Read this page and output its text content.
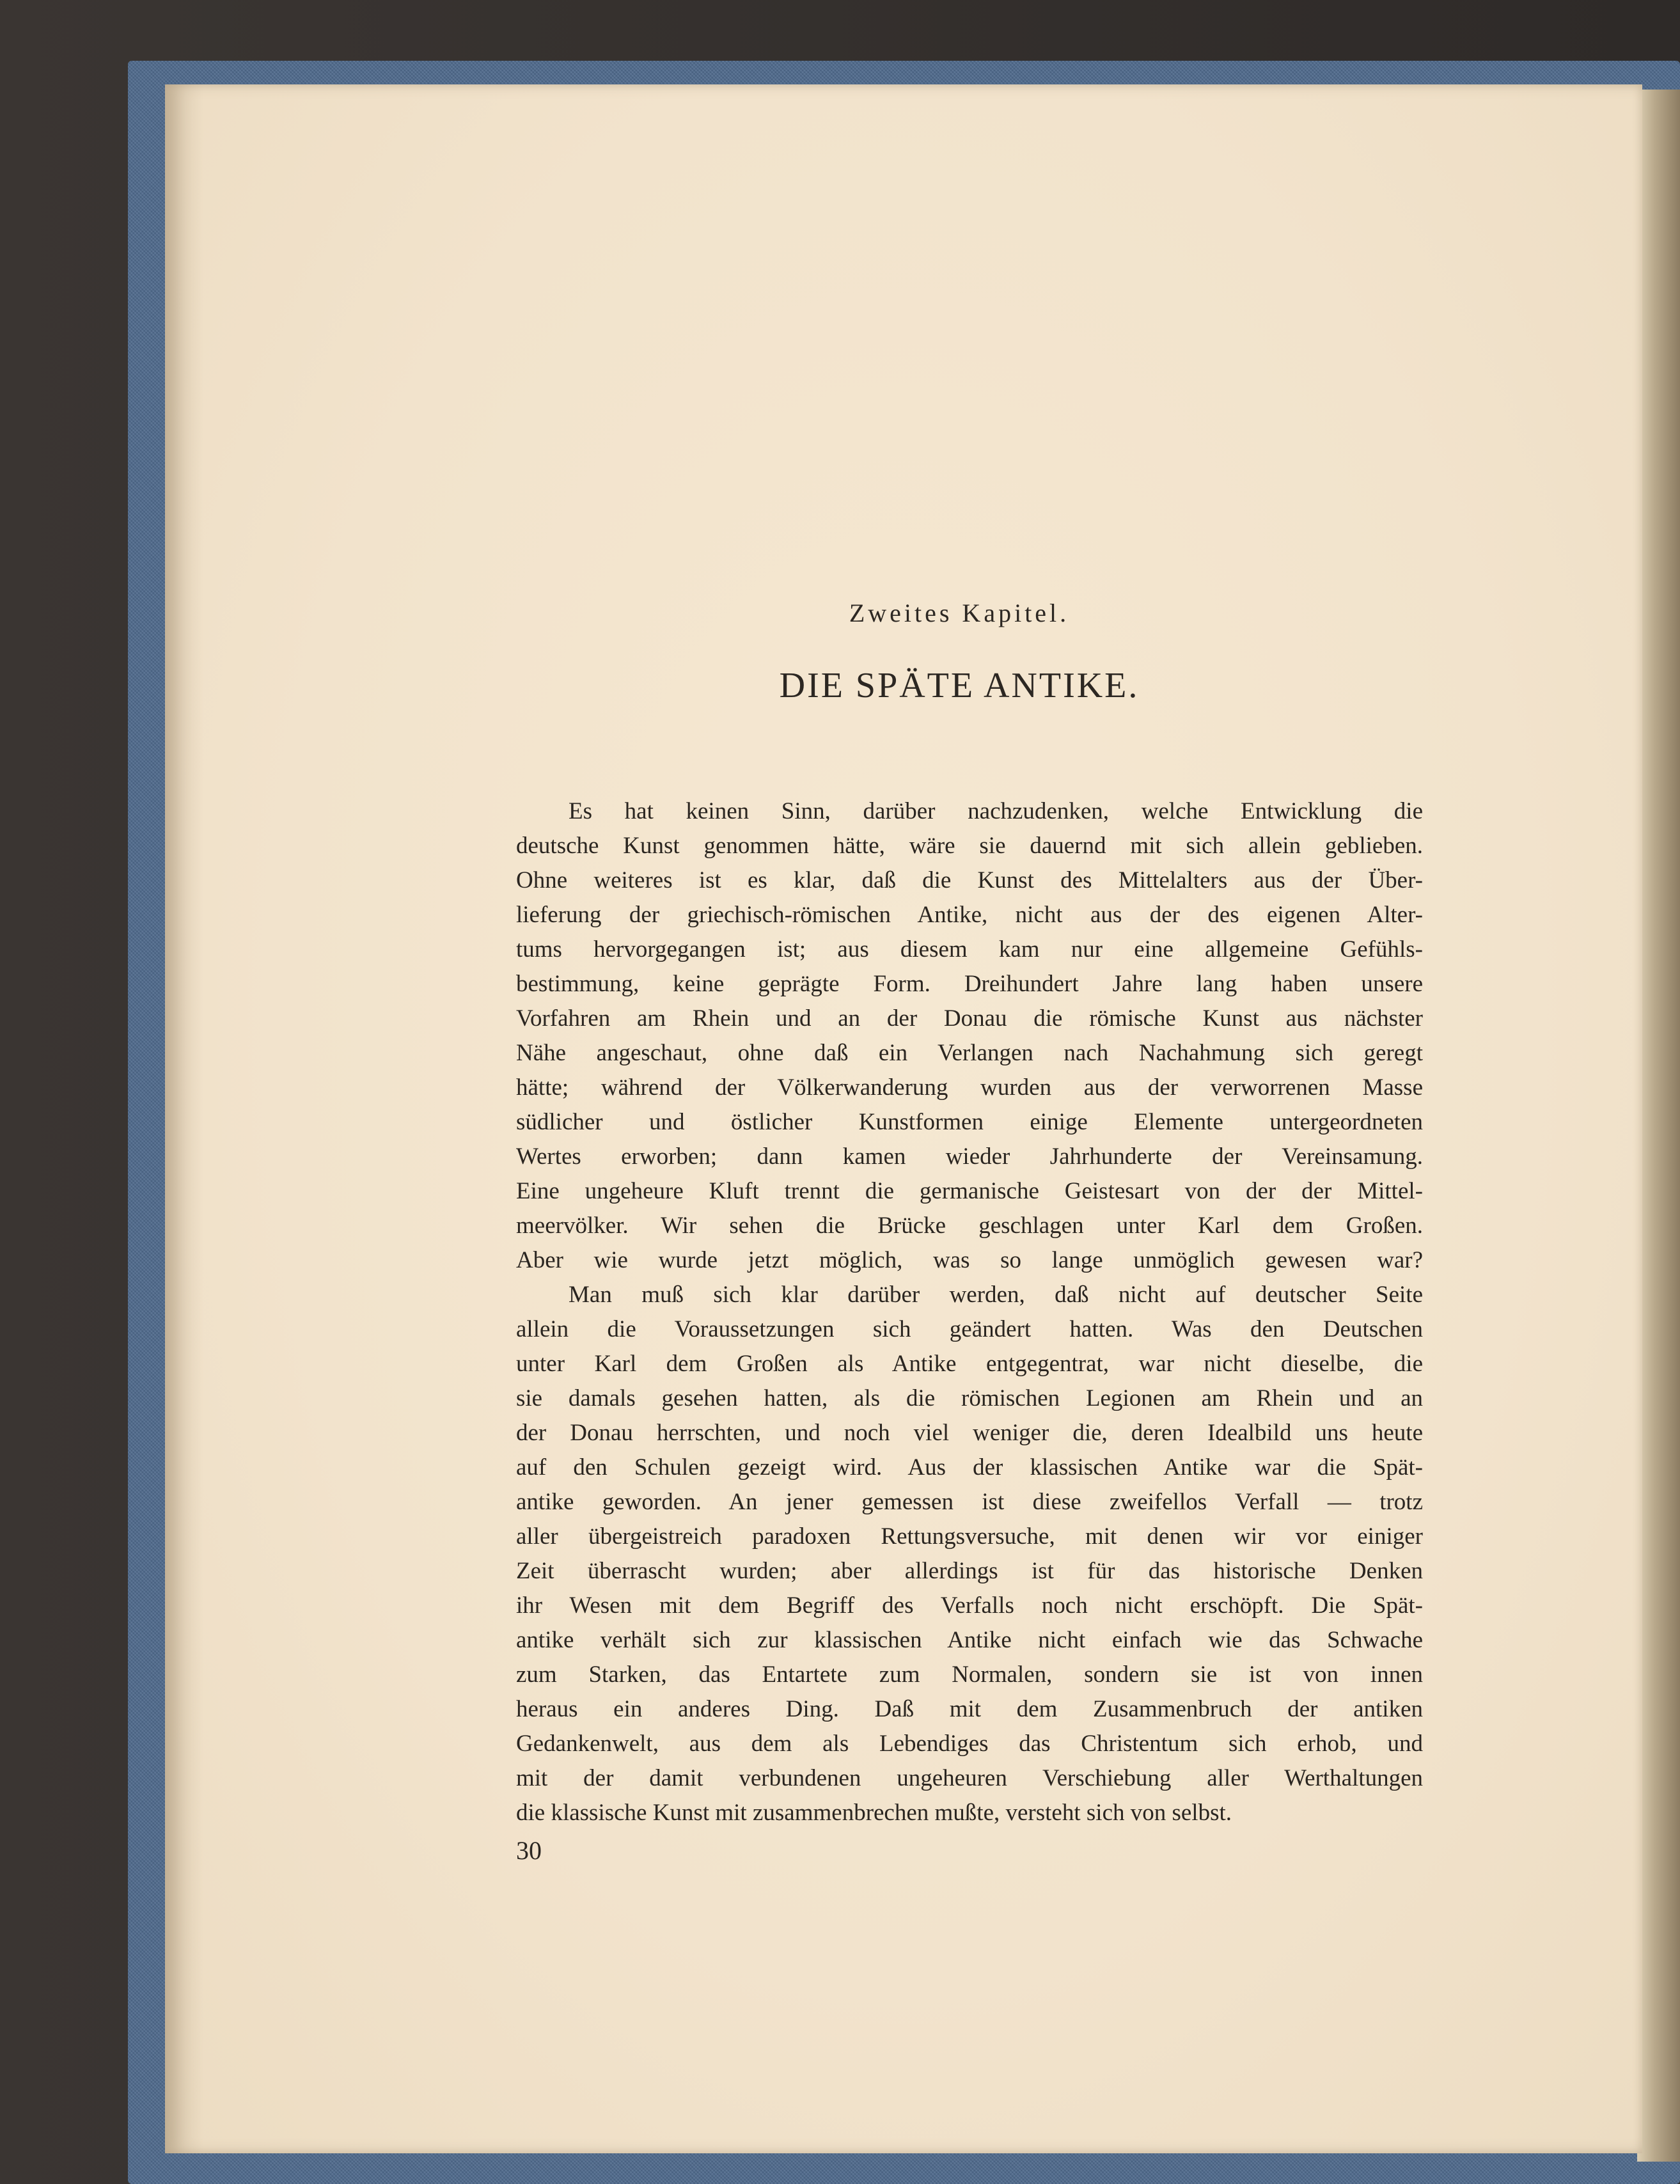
Zweites Kapitel.
DIE SPÄTE ANTIKE.
Es hat keinen Sinn, darüber nachzudenken, welche Entwicklung die
deutsche Kunst genommen hätte, wäre sie dauernd mit sich allein geblieben.
Ohne weiteres ist es klar, daß die Kunst des Mittelalters aus der Über-
lieferung der griechisch-römischen Antike, nicht aus der des eigenen Alter-
tums hervorgegangen ist; aus diesem kam nur eine allgemeine Gefühls-
bestimmung, keine geprägte Form. Dreihundert Jahre lang haben unsere
Vorfahren am Rhein und an der Donau die römische Kunst aus nächster
Nähe angeschaut, ohne daß ein Verlangen nach Nachahmung sich geregt
hätte; während der Völkerwanderung wurden aus der verworrenen Masse
südlicher und östlicher Kunstformen einige Elemente untergeordneten
Wertes erworben; dann kamen wieder Jahrhunderte der Vereinsamung.
Eine ungeheure Kluft trennt die germanische Geistesart von der der Mittel-
meervölker. Wir sehen die Brücke geschlagen unter Karl dem Großen.
Aber wie wurde jetzt möglich, was so lange unmöglich gewesen war?
Man muß sich klar darüber werden, daß nicht auf deutscher Seite
allein die Voraussetzungen sich geändert hatten. Was den Deutschen
unter Karl dem Großen als Antike entgegentrat, war nicht dieselbe, die
sie damals gesehen hatten, als die römischen Legionen am Rhein und an
der Donau herrschten, und noch viel weniger die, deren Idealbild uns heute
auf den Schulen gezeigt wird. Aus der klassischen Antike war die Spät-
antike geworden. An jener gemessen ist diese zweifellos Verfall — trotz
aller übergeistreich paradoxen Rettungsversuche, mit denen wir vor einiger
Zeit überrascht wurden; aber allerdings ist für das historische Denken
ihr Wesen mit dem Begriff des Verfalls noch nicht erschöpft. Die Spät-
antike verhält sich zur klassischen Antike nicht einfach wie das Schwache
zum Starken, das Entartete zum Normalen, sondern sie ist von innen
heraus ein anderes Ding. Daß mit dem Zusammenbruch der antiken
Gedankenwelt, aus dem als Lebendiges das Christentum sich erhob, und
mit der damit verbundenen ungeheuren Verschiebung aller Werthaltungen
die klassische Kunst mit zusammenbrechen mußte, versteht sich von selbst.
30
